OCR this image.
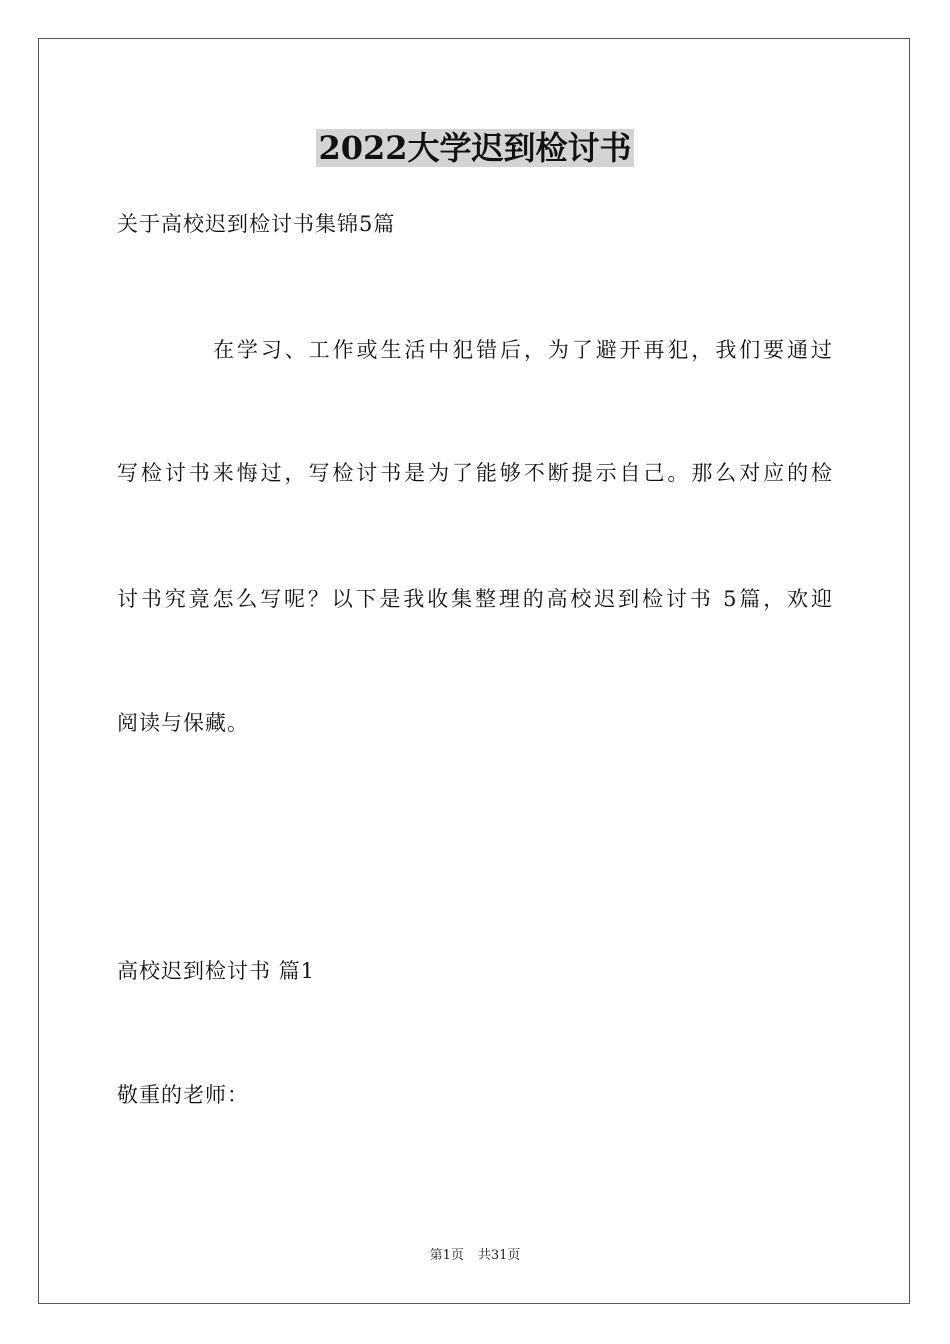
2022大学迟到检讨书
关于高校迟到检讨书集锦5篇
在学习、工作或生活中犯错后，为了避开再犯，我们要通过
写检讨书来悔过，写检讨书是为了能够不断提示自己。那么对应的检
讨书究竟怎么写呢？以下是我收集整理的高校迟到检讨书 5篇，欢迎
阅读与保藏。
高校迟到检讨书 篇1
敬重的老师：
第1页 共31页
